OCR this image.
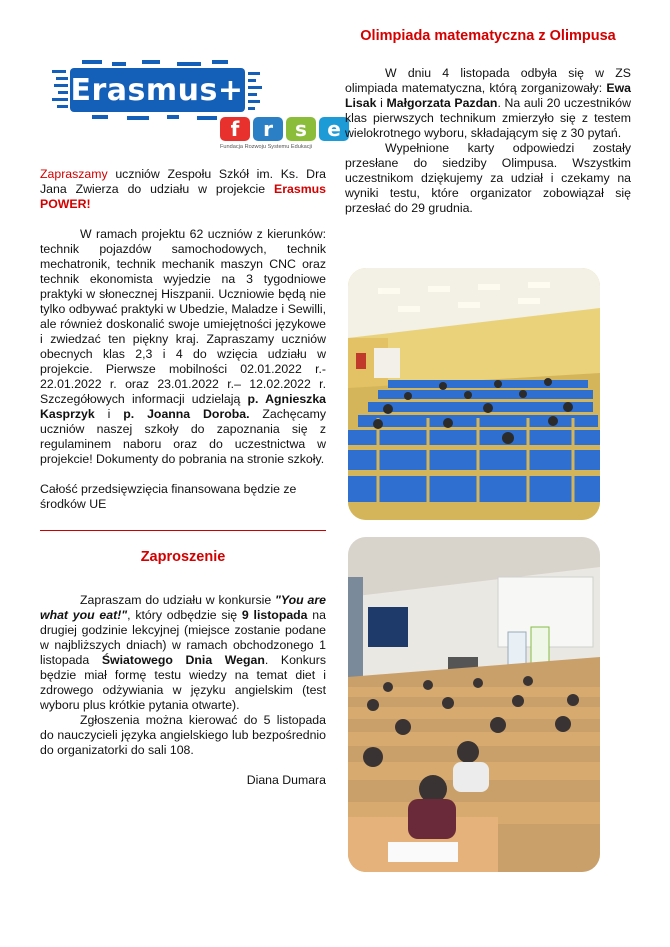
Erasmus+
f	r	s	e
Fundacja Rozwoju Systemu Edukacji

Zapraszamy uczniów Zespołu Szkół im. Ks. Dra Jana Zwierza do udziału w projekcie Erasmus POWER!

W ramach projektu 62 uczniów z kierunków: technik pojazdów samochodowych, technik mechatronik, technik mechanik maszyn CNC oraz technik ekonomista wyjedzie na 3 tygodniowe praktyki w słonecznej Hiszpanii. Uczniowie będą nie tylko odbywać praktyki w Ubedzie, Maladze i Sewilli, ale również doskonalić swoje umiejętności językowe i zwiedzać ten piękny kraj. Zapraszamy uczniów obecnych klas 2,3 i 4 do wzięcia udziału w projekcie. Pierwsze mobilności 02.01.2022 r.- 22.01.2022 r. oraz 23.01.2022 r.– 12.02.2022 r. Szczegółowych informacji udzielają p. Agnieszka Kasprzyk i p. Joanna Doroba. Zachęcamy uczniów naszej szkoły do zapoznania się z regulaminem naboru oraz do uczestnictwa w projekcie! Dokumenty do pobrania na stronie szkoły.

Całość przedsięwzięcia finansowana będzie ze środków UE

Zaproszenie

Zapraszam do udziału w konkursie "You are what you eat!", który odbędzie się 9 listopada na drugiej godzinie lekcyjnej (miejsce zostanie podane w najbliższych dniach) w ramach obchodzonego 1 listopada Światowego Dnia Wegan. Konkurs będzie miał formę testu wiedzy na temat diet i zdrowego odżywiania w języku angielskim (test wyboru plus krótkie pytania otwarte).

Zgłoszenia można kierować do 5 listopada do nauczycieli języka angielskiego lub bezpośrednio do organizatorki do sali 108.

Diana Dumara

Olimpiada matematyczna z Olimpusa

W dniu 4 listopada odbyła się w ZS olimpiada matematyczna, którą zorganizowały: Ewa Lisak i Małgorzata Pazdan. Na auli 20 uczestników klas pierwszych technikum zmierzyło się z testem wielokrotnego wyboru, składającym się z 30 pytań.

Wypełnione karty odpowiedzi zostały przesłane do siedziby Olimpusa. Wszystkim uczestnikom dziękujemy za udział i czekamy na wyniki testu, które organizator zobowiązał się przesłać do 29 grudnia.
